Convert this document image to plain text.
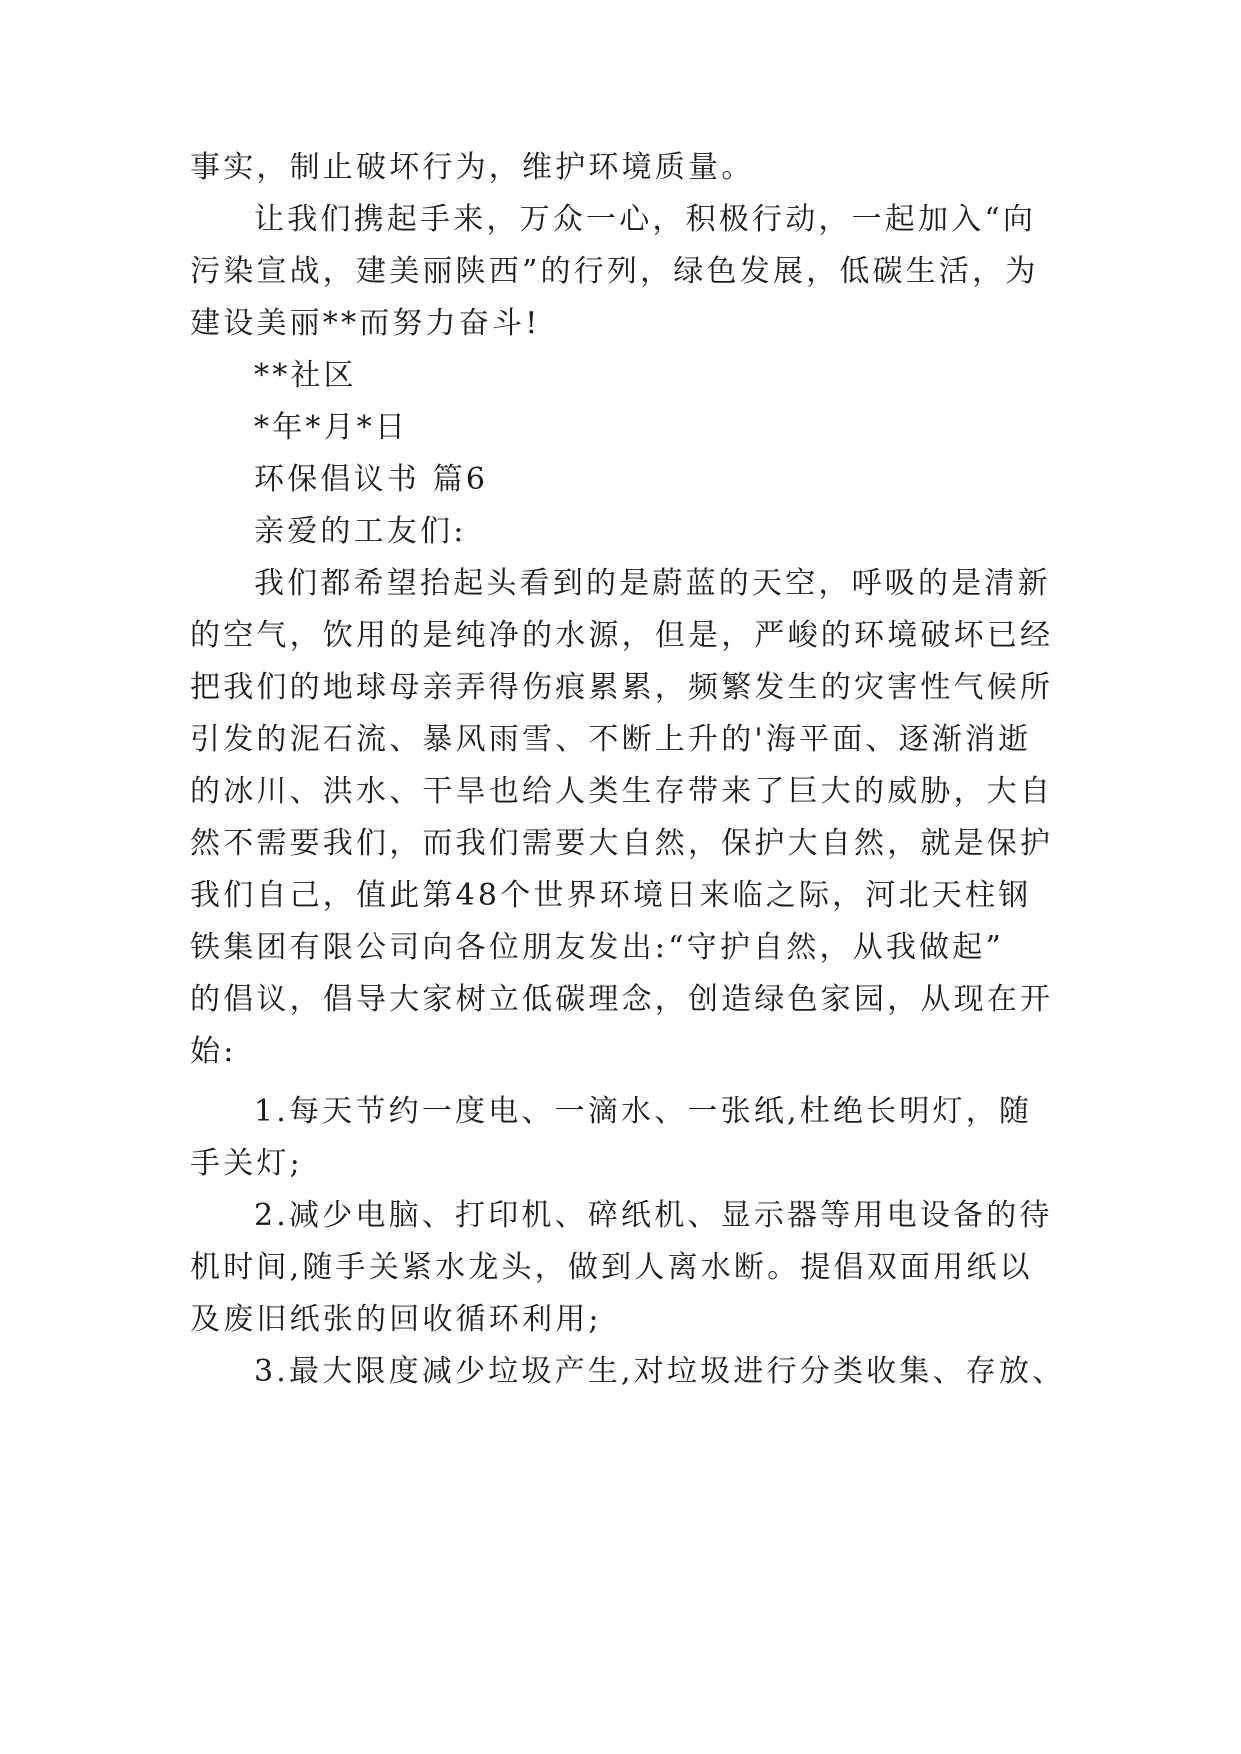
事实，制止破坏行为，维护环境质量。
让我们携起手来，万众一心，积极行动，一起加入“向
污染宣战，建美丽陕西”的行列，绿色发展，低碳生活，为
建设美丽**而努力奋斗!
**社区
*年*月*日
环保倡议书 篇6
亲爱的工友们:
我们都希望抬起头看到的是蔚蓝的天空，呼吸的是清新
的空气，饮用的是纯净的水源，但是，严峻的环境破坏已经
把我们的地球母亲弄得伤痕累累，频繁发生的灾害性气候所
引发的泥石流、暴风雨雪、不断上升的'海平面、逐渐消逝
的冰川、洪水、干旱也给人类生存带来了巨大的威胁，大自
然不需要我们，而我们需要大自然，保护大自然，就是保护
我们自己，值此第48个世界环境日来临之际，河北天柱钢
铁集团有限公司向各位朋友发出:“守护自然，从我做起”
的倡议，倡导大家树立低碳理念，创造绿色家园，从现在开
始:
1.每天节约一度电、一滴水、一张纸,杜绝长明灯，随
手关灯;
2.减少电脑、打印机、碎纸机、显示器等用电设备的待
机时间,随手关紧水龙头，做到人离水断。提倡双面用纸以
及废旧纸张的回收循环利用;
3.最大限度减少垃圾产生,对垃圾进行分类收集、存放、
